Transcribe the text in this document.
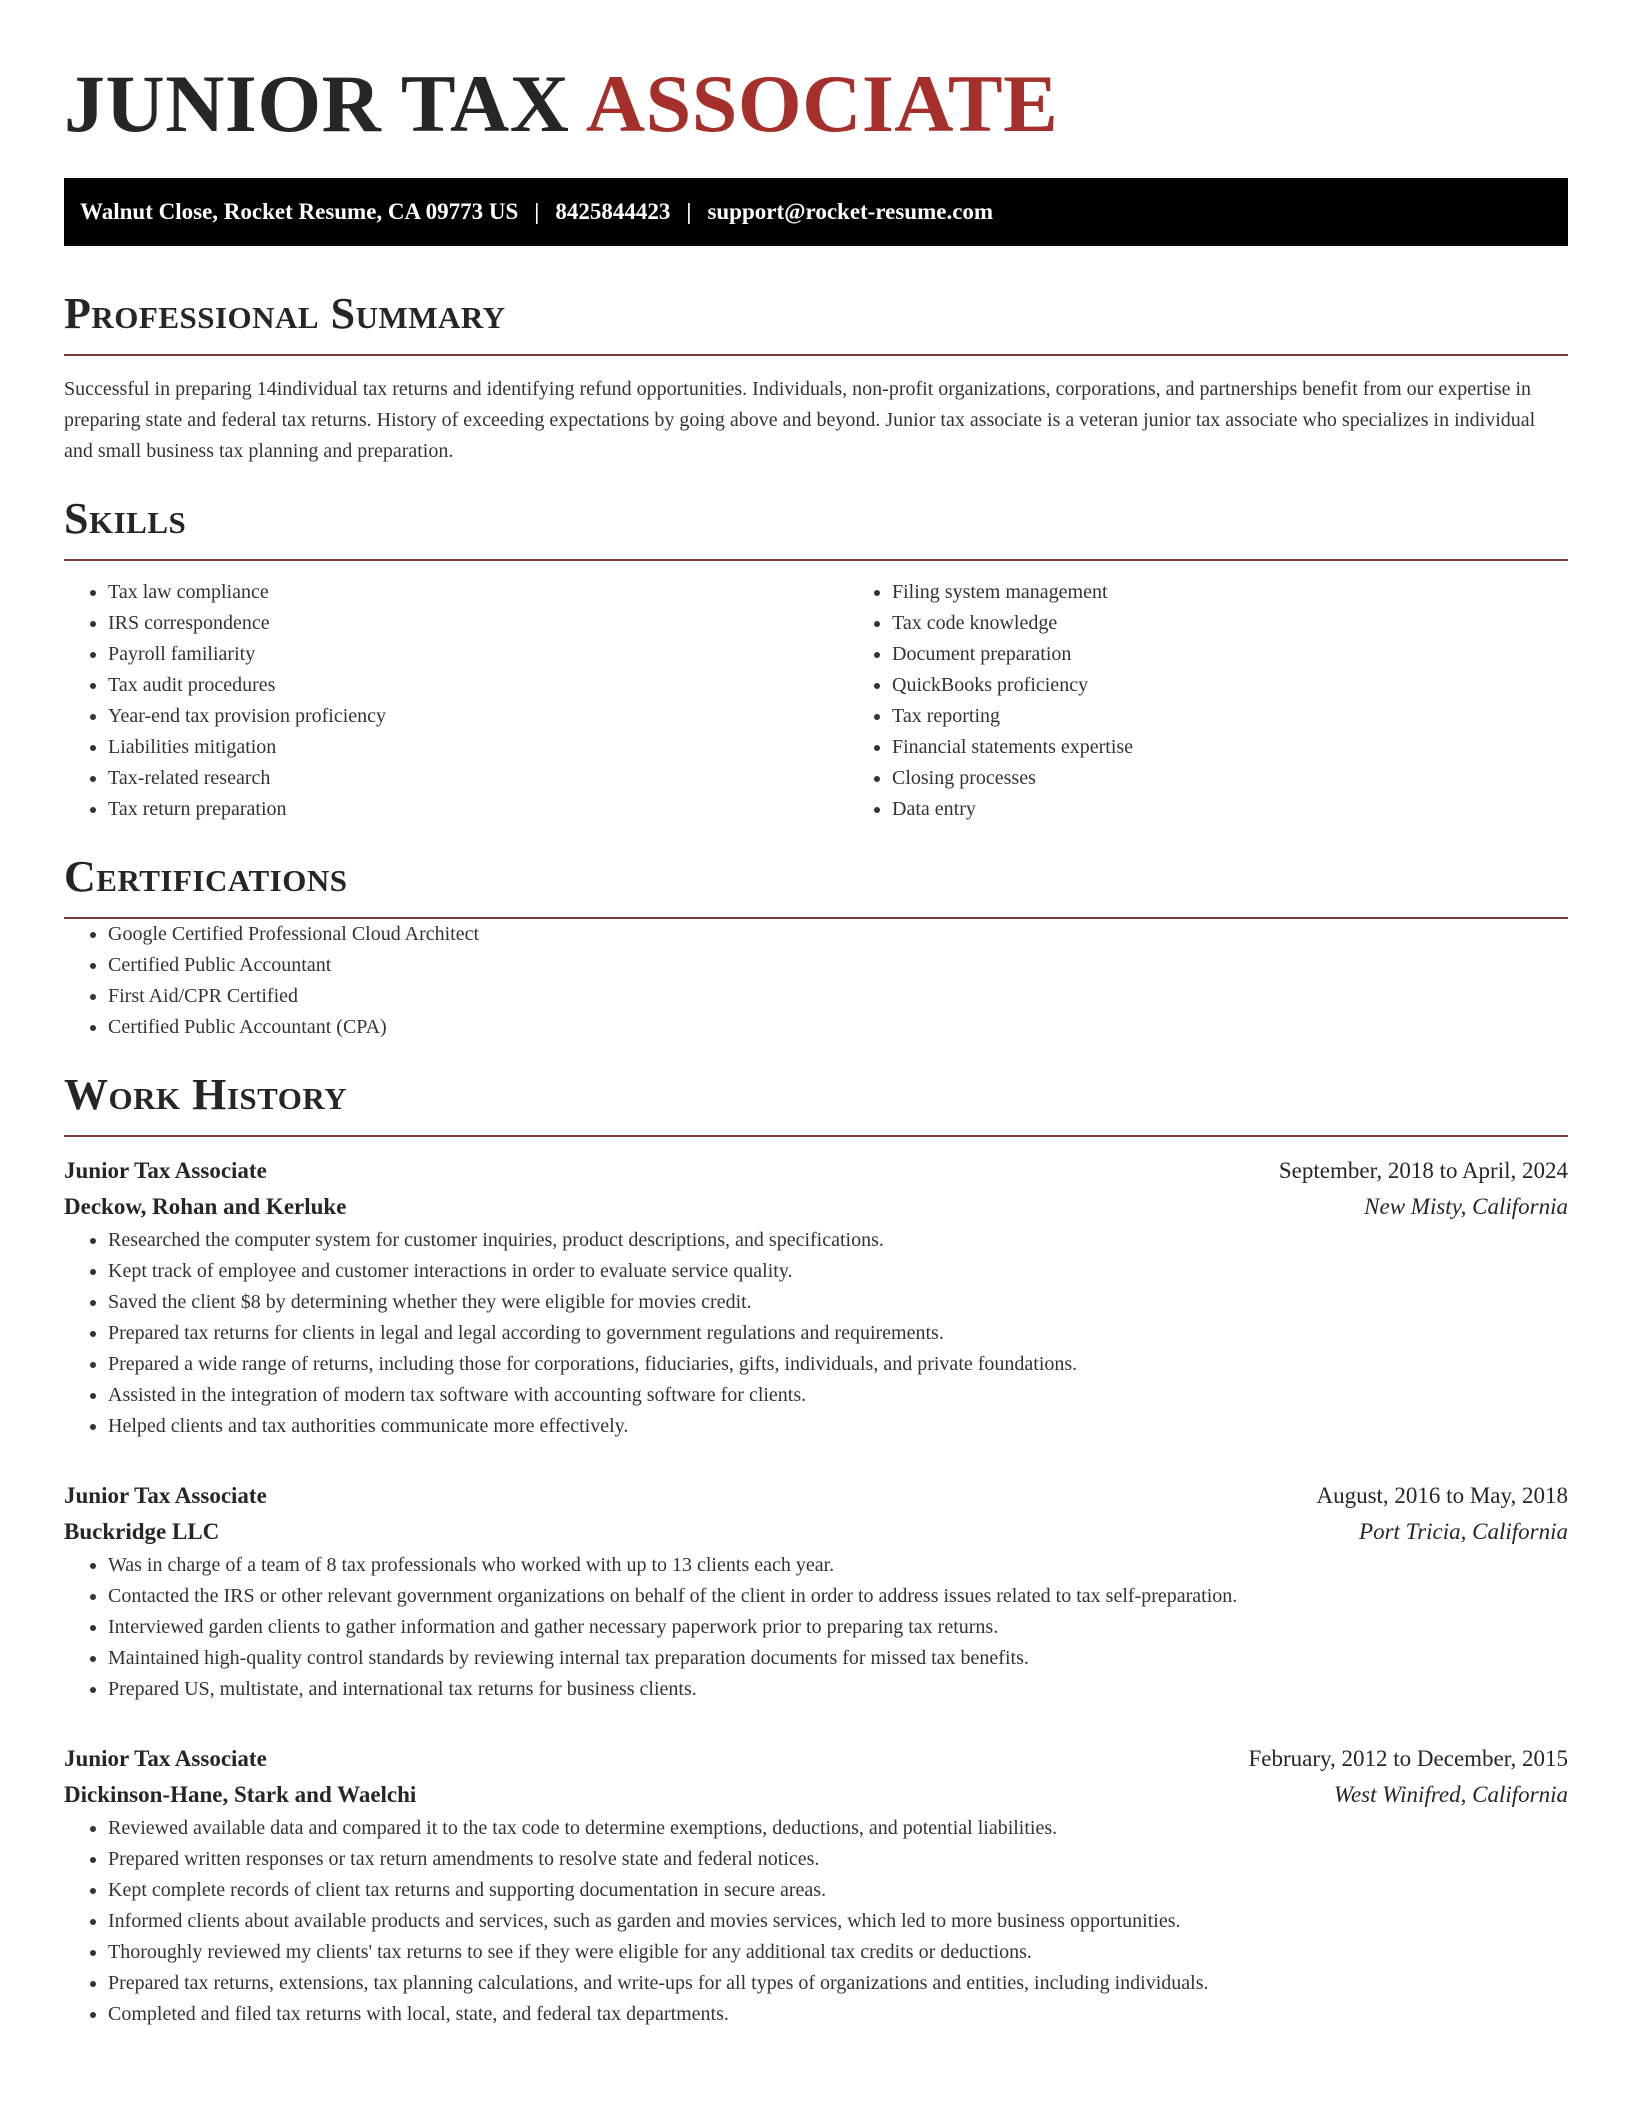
JUNIOR TAX ASSOCIATE
Walnut Close, Rocket Resume, CA 09773 US | 8425844423 | support@rocket-resume.com
Professional Summary

Successful in preparing 14individual tax returns and identifying refund opportunities. Individuals, non-profit organizations, corporations, and partnerships benefit from our expertise in preparing state and federal tax returns. History of exceeding expectations by going above and beyond. Junior tax associate is a veteran junior tax associate who specializes in individual and small business tax planning and preparation.

Skills
• Tax law compliance
• IRS correspondence
• Payroll familiarity
• Tax audit procedures
• Year-end tax provision proficiency
• Liabilities mitigation
• Tax-related research
• Tax return preparation
• Filing system management
• Tax code knowledge
• Document preparation
• QuickBooks proficiency
• Tax reporting
• Financial statements expertise
• Closing processes
• Data entry
Certifications
• Google Certified Professional Cloud Architect
• Certified Public Accountant
• First Aid/CPR Certified
• Certified Public Accountant (CPA)
Work History
Junior Tax Associate	September, 2018 to April, 2024
Deckow, Rohan and Kerluke	New Misty, California
• Researched the computer system for customer inquiries, product descriptions, and specifications.
• Kept track of employee and customer interactions in order to evaluate service quality.
• Saved the client $8 by determining whether they were eligible for movies credit.
• Prepared tax returns for clients in legal and legal according to government regulations and requirements.
• Prepared a wide range of returns, including those for corporations, fiduciaries, gifts, individuals, and private foundations.
• Assisted in the integration of modern tax software with accounting software for clients.
• Helped clients and tax authorities communicate more effectively.
Junior Tax Associate	August, 2016 to May, 2018
Buckridge LLC	Port Tricia, California
• Was in charge of a team of 8 tax professionals who worked with up to 13 clients each year.
• Contacted the IRS or other relevant government organizations on behalf of the client in order to address issues related to tax self-preparation.
• Interviewed garden clients to gather information and gather necessary paperwork prior to preparing tax returns.
• Maintained high-quality control standards by reviewing internal tax preparation documents for missed tax benefits.
• Prepared US, multistate, and international tax returns for business clients.
Junior Tax Associate	February, 2012 to December, 2015
Dickinson-Hane, Stark and Waelchi	West Winifred, California
• Reviewed available data and compared it to the tax code to determine exemptions, deductions, and potential liabilities.
• Prepared written responses or tax return amendments to resolve state and federal notices.
• Kept complete records of client tax returns and supporting documentation in secure areas.
• Informed clients about available products and services, such as garden and movies services, which led to more business opportunities.
• Thoroughly reviewed my clients' tax returns to see if they were eligible for any additional tax credits or deductions.
• Prepared tax returns, extensions, tax planning calculations, and write-ups for all types of organizations and entities, including individuals.
• Completed and filed tax returns with local, state, and federal tax departments.
